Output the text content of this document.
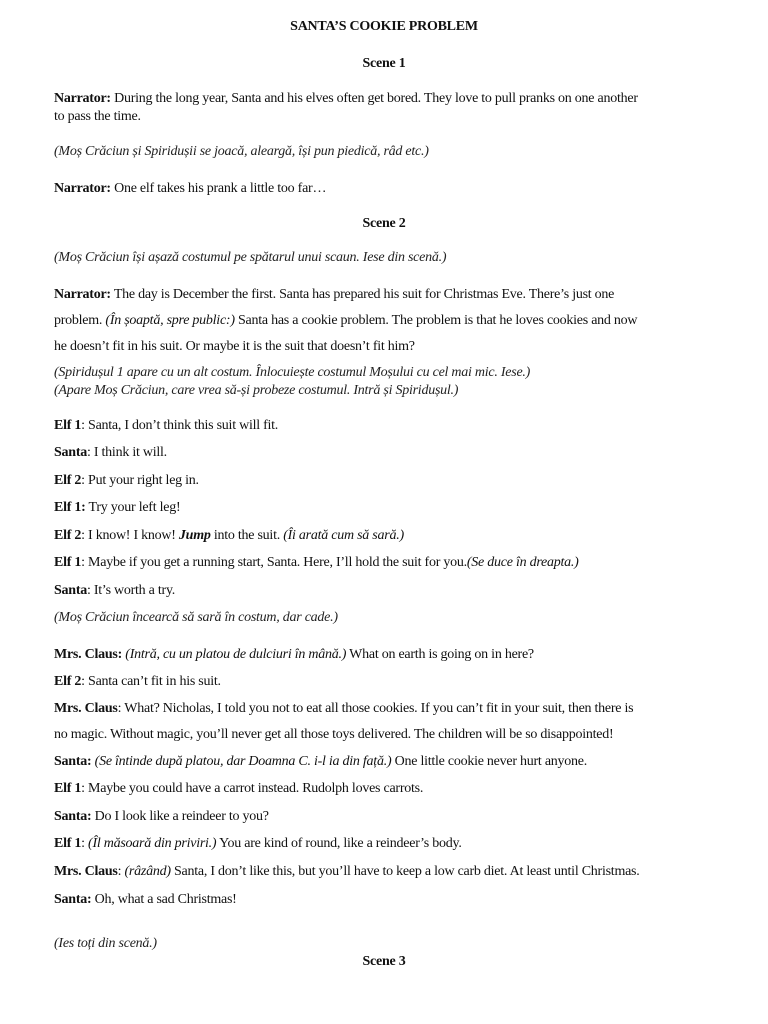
SANTA’S COOKIE PROBLEM
Scene 1
Narrator: During the long year, Santa and his elves often get bored. They love to pull pranks on one another
to pass the time.
(Moș Crăciun și Spiridușii se joacă, aleargă, își pun piedică, râd etc.)
Narrator: One elf takes his prank a little too far…
Scene 2
(Moș Crăciun își așază costumul pe spătarul unui scaun. Iese din scenă.)
Narrator: The day is December the first. Santa has prepared his suit for Christmas Eve. There’s just one
problem. (În șoaptă, spre public:) Santa has a cookie problem. The problem is that he loves cookies and now
he doesn’t fit in his suit. Or maybe it is the suit that doesn’t fit him?
(Spiridușul 1 apare cu un alt costum. Înlocuiește costumul Moșului cu cel mai mic. Iese.)
(Apare Moș Crăciun, care vrea să-și probeze costumul. Intră și Spiridușul.)
Elf 1: Santa, I don’t think this suit will fit.
Santa: I think it will.
Elf 2: Put your right leg in.
Elf 1: Try your left leg!
Elf 2: I know! I know! Jump into the suit. (Îi arată cum să sară.)
Elf 1: Maybe if you get a running start, Santa. Here, I’ll hold the suit for you.(Se duce în dreapta.)
Santa: It’s worth a try.
(Moș Crăciun încearcă să sară în costum, dar cade.)
Mrs. Claus: (Intră, cu un platou de dulciuri în mână.) What on earth is going on in here?
Elf 2: Santa can’t fit in his suit.
Mrs. Claus: What? Nicholas, I told you not to eat all those cookies. If you can’t fit in your suit, then there is
no magic. Without magic, you’ll never get all those toys delivered. The children will be so disappointed!
Santa: (Se întinde după platou, dar Doamna C. i-l ia din față.) One little cookie never hurt anyone.
Elf 1: Maybe you could have a carrot instead. Rudolph loves carrots.
Santa: Do I look like a reindeer to you?
Elf 1: (Îl măsoară din priviri.) You are kind of round, like a reindeer’s body.
Mrs. Claus: (râzând) Santa, I don’t like this, but you’ll have to keep a low carb diet. At least until Christmas.
Santa: Oh, what a sad Christmas!
(Ies toți din scenă.)
Scene 3
